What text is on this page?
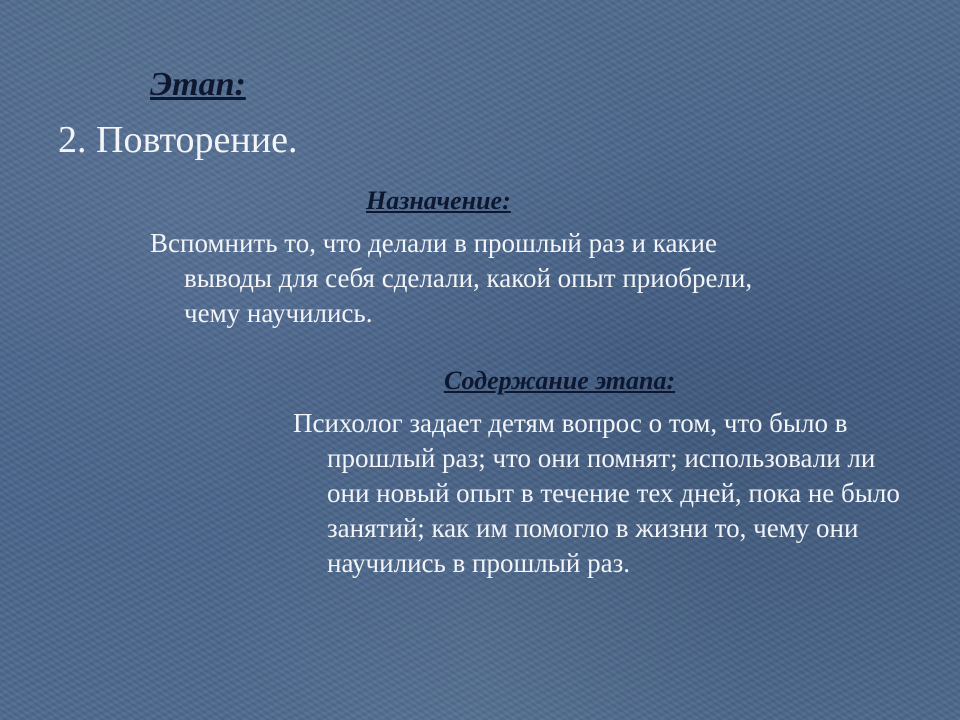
Этап:
2. Повторение.
Назначение:

Вспомнить то, что делали в прошлый раз и какие выводы для себя сделали, какой опыт приобрели, чему научились.

Содержание этапа:

Психолог задает детям вопрос о том, что было в прошлый раз; что они помнят; использовали ли они новый опыт в течение тех дней, пока не было занятий; как им помогло в жизни то, чему они научились в прошлый раз.
